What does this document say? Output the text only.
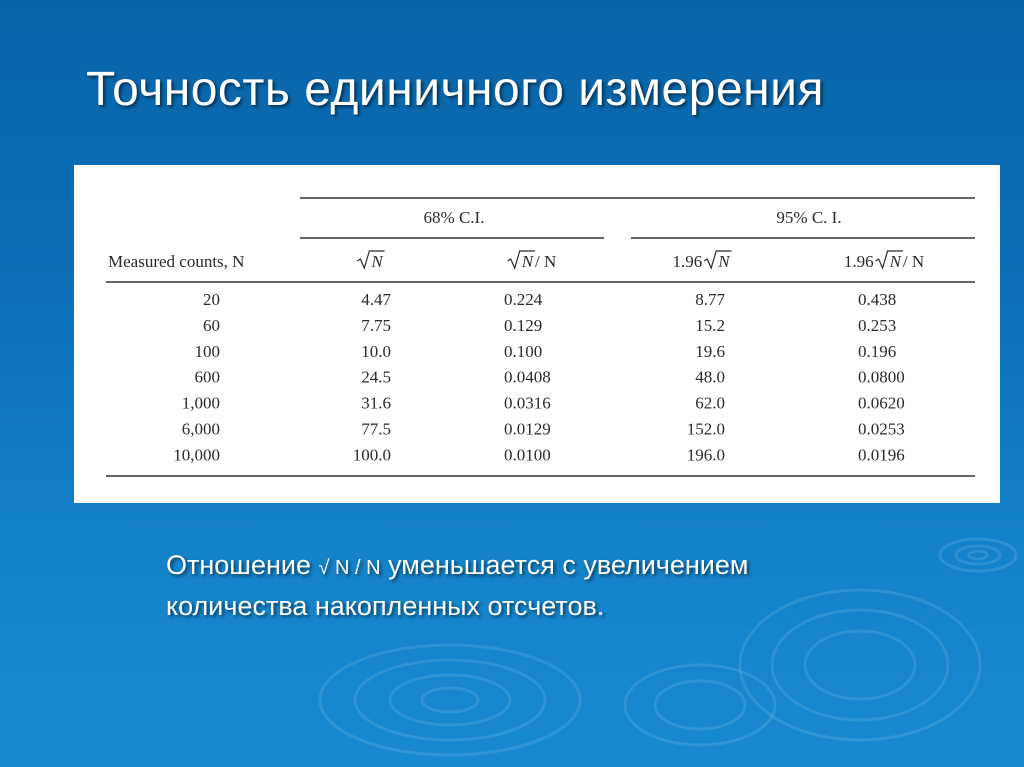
Точность единичного измерения
68% C.I.	95% C. I.
Measured counts, N	N	N / N	1.96 N	1.96 N / N
20	4.47	0.224	8.77	0.438
60	7.75	0.129	15.2	0.253
100	10.0	0.100	19.6	0.196
600	24.5	0.0408	48.0	0.0800
1,000	31.6	0.0316	62.0	0.0620
6,000	77.5	0.0129	152.0	0.0253
10,000	100.0	0.0100	196.0	0.0196

Отношение √ N / N уменьшается с увеличением количества накопленных отсчетов.
